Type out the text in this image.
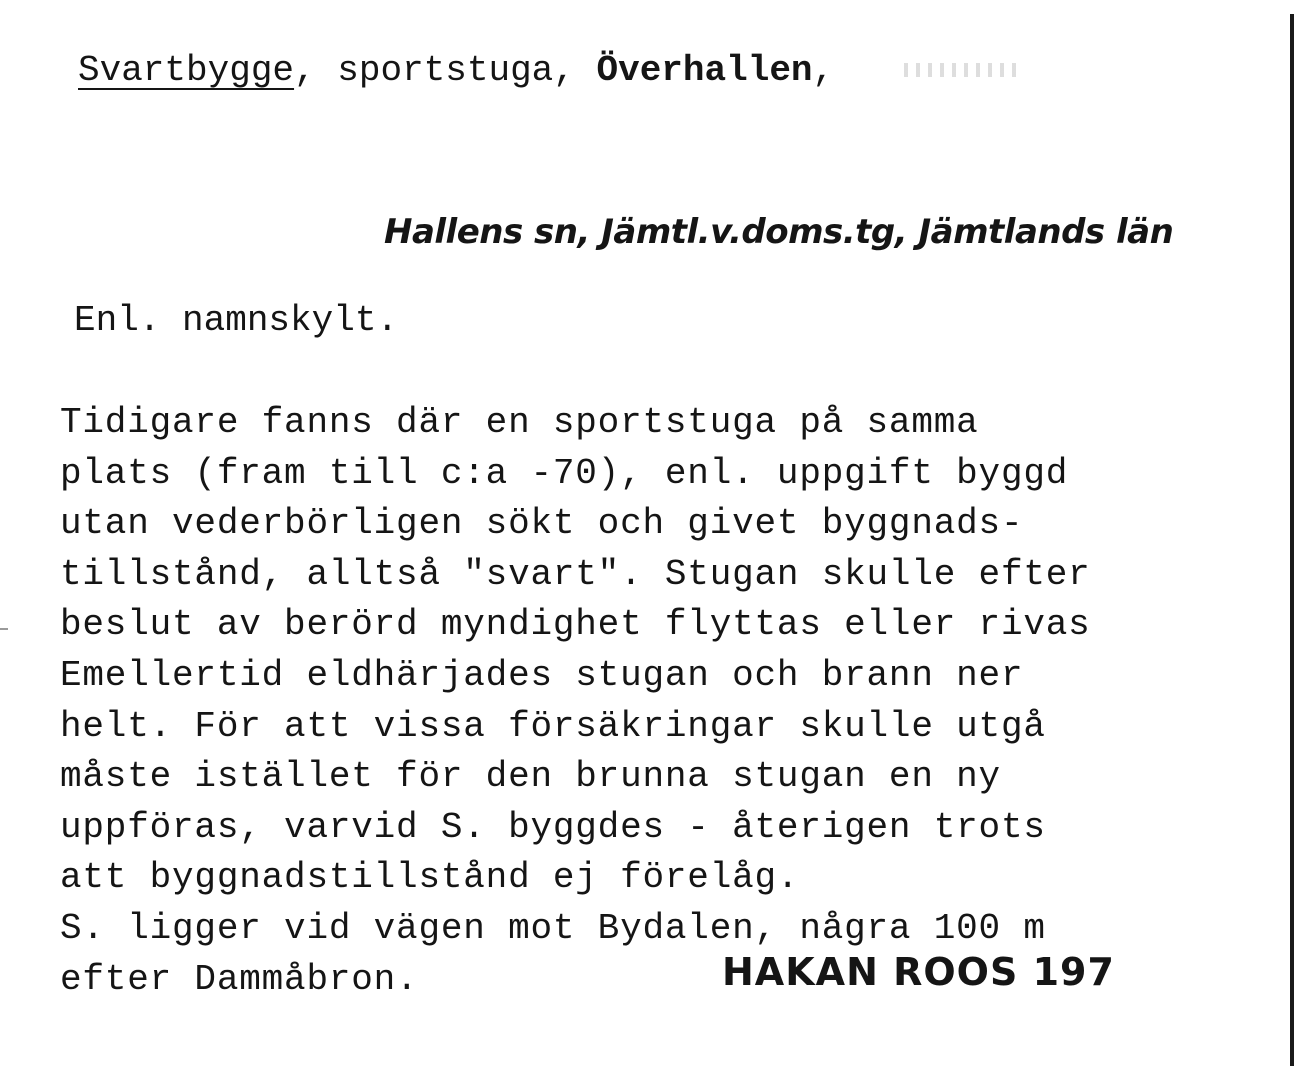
Svartbygge, sportstuga, Överhallen,
Hallens sn, Jämtl.v.doms.tg, Jämtlands län
Enl. namnskylt.
Tidigare fanns där en sportstuga på samma
plats (fram till c:a -70), enl. uppgift byggd
utan vederbörligen sökt och givet byggnads-
tillstånd, alltså "svart". Stugan skulle efter
beslut av berörd myndighet flyttas eller rivas
Emellertid eldhärjades stugan och brann ner
helt. För att vissa försäkringar skulle utgå
måste istället för den brunna stugan en ny
uppföras, varvid S. byggdes - återigen trots
att byggnadstillstånd ej förelåg.
S. ligger vid vägen mot Bydalen, några 100 m
efter Dammåbron.	HAKAN ROOS 197
